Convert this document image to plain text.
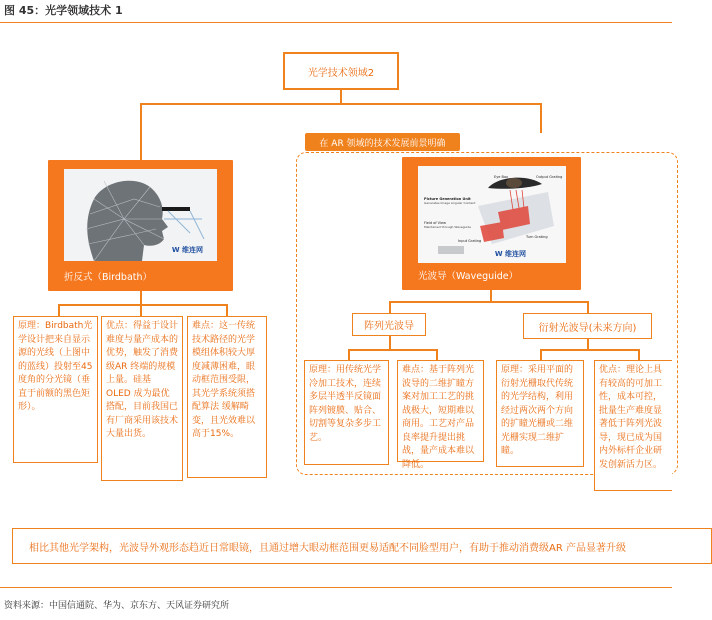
图 45：光学领域技术 1
光学技术领域2
在 AR 领域的技术发展前景明确
W 维连网
折反式（Birdbath）
原理：Birdbath光学设计把来自显示源的光线（上图中的蓝线）投射至45度角的分光镜（垂直于前额的黑色矩形）。
优点：得益于设计难度与量产成本的优势，触发了消费级AR 终端的规模上量。硅基 OLED 成为最优搭配，目前我国已有厂商采用该技术大量出货。
难点：这一传统技术路径的光学模组体积较大厚度减薄困难，眼动框范围受限，其光学系统须搭配算法 缓解畸变，且光效难以高于15%。
Eye Box	Output Grating
Picture Generation Unit
Generates Image Angular Content
Field of View
Maintained through Waveguide
Input Grating
Turn Grating
W 维连网
光波导（Waveguide）
阵列光波导	衍射光波导(未来方向)
原理：用传统光学冷加工技术，连续多层半透半反镜面阵列镀膜、贴合、切割等复杂多步工艺。
难点：基于阵列光波导的二维扩瞳方案对加工工艺的挑战极大，短期难以商用。工艺对产品良率提升提出挑战，量产成本难以降低。
原理：采用平面的衍射光栅取代传统的光学结构，利用经过两次两个方向的扩瞳光栅或二维光栅实现二维扩瞳。
优点：理论上具有较高的可加工性，成本可控，批量生产难度显著低于阵列光波导，现已成为国内外标杆企业研发创新活力区。
相比其他光学架构，光波导外观形态趋近日常眼镜，且通过增大眼动框范围更易适配不同脸型用户，有助于推动消费级AR 产品显著升级
资料来源：中国信通院、华为、京东方、天风证券研究所
